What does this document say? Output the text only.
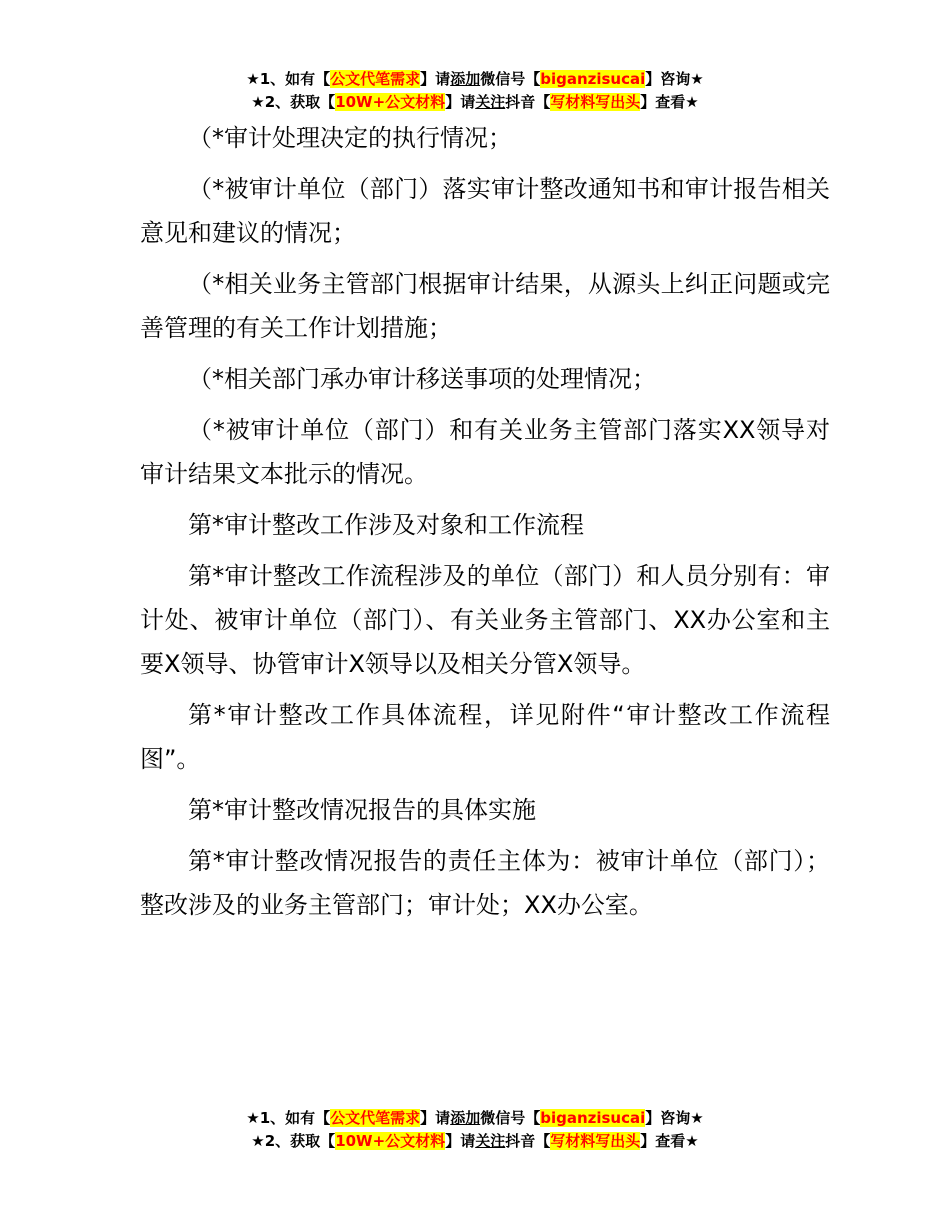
★1、如有【公文代笔需求】请添加微信号【biganzisucai】咨询★
★2、获取【10W+公文材料】请关注抖音【写材料写出头】查看★

（*审计处理决定的执行情况；

（*被审计单位（部门）落实审计整改通知书和审计报告相关意见和建议的情况；

（*相关业务主管部门根据审计结果，从源头上纠正问题或完善管理的有关工作计划措施；

（*相关部门承办审计移送事项的处理情况；

（*被审计单位（部门）和有关业务主管部门落实XX领导对审计结果文本批示的情况。

第*审计整改工作涉及对象和工作流程

第*审计整改工作流程涉及的单位（部门）和人员分别有：审计处、被审计单位（部门）、有关业务主管部门、XX办公室和主要X领导、协管审计X领导以及相关分管X领导。

第*审计整改工作具体流程，详见附件“审计整改工作流程图”。

第*审计整改情况报告的具体实施

第*审计整改情况报告的责任主体为：被审计单位（部门）；整改涉及的业务主管部门；审计处；XX办公室。

★1、如有【公文代笔需求】请添加微信号【biganzisucai】咨询★
★2、获取【10W+公文材料】请关注抖音【写材料写出头】查看★
